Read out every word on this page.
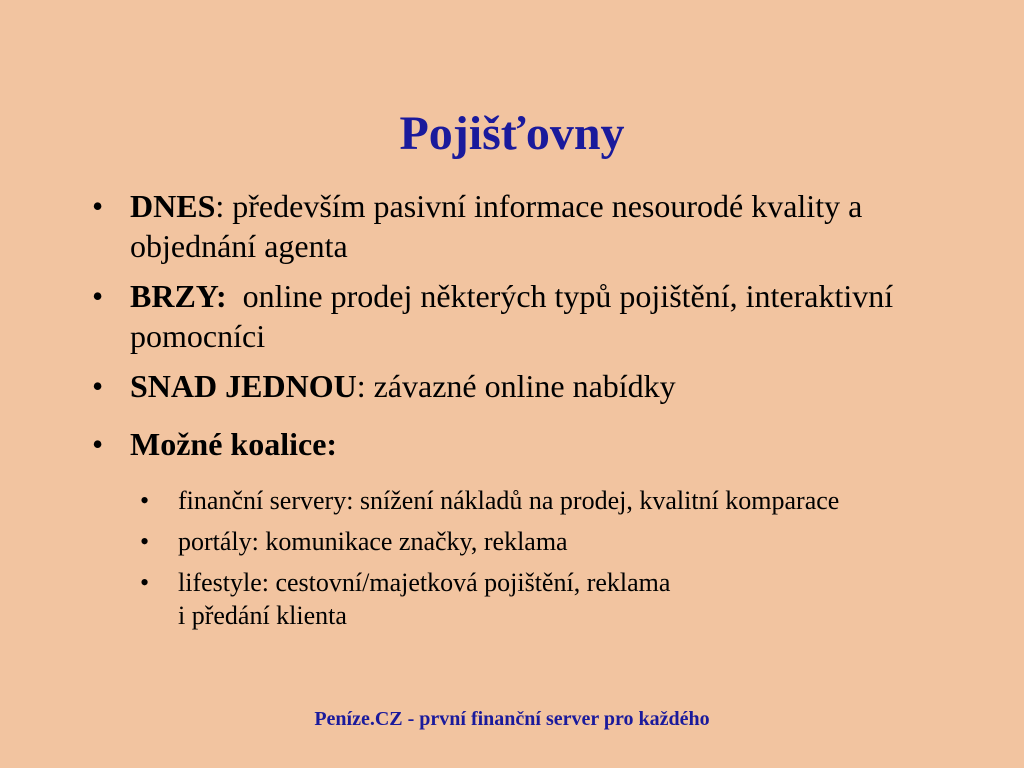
Pojišťovny
• DNES: především pasivní informace nesourodé kvality a objednání agenta
• BRZY:  online prodej některých typů pojištění, interaktivní pomocníci
• SNAD JEDNOU: závazné online nabídky
• Možné koalice:
•	finanční servery: snížení nákladů na prodej, kvalitní komparace
•	portály: komunikace značky, reklama
•	lifestyle: cestovní/majetková pojištění, reklama
i předání klienta
Peníze.CZ - první finanční server pro každého
